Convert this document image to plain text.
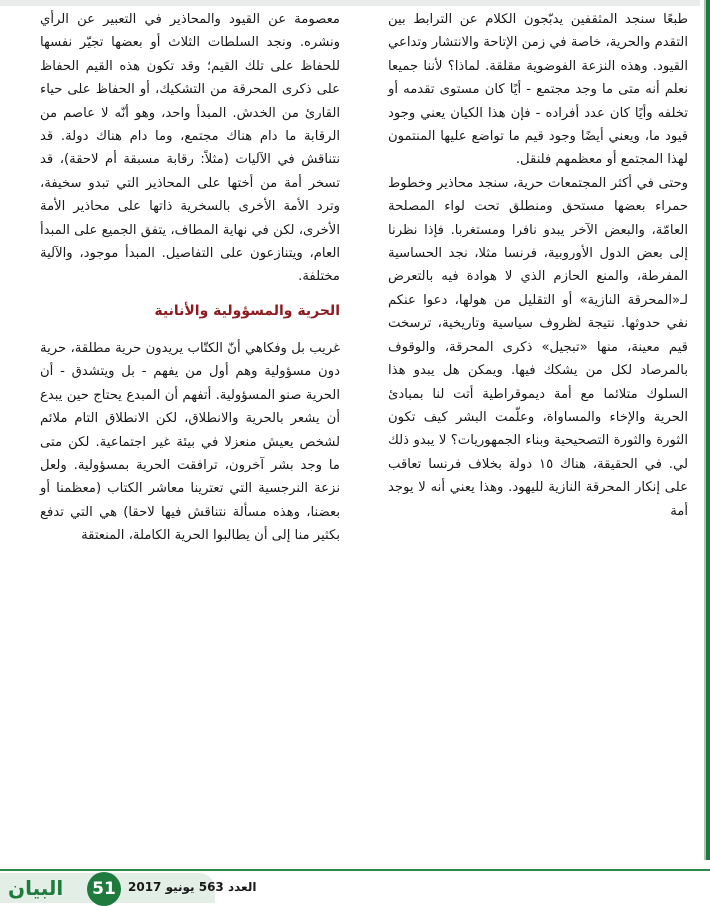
طبعًا سنجد المثقفين يدبّجون الكلام عن الترابط بين التقدم والحرية، خاصة في زمن الإتاحة والانتشار وتداعي القيود. وهذه النزعة الفوضوية مقلقة. لماذا؟ لأننا جميعا نعلم أنه متى ما وجد مجتمع - أيًا كان مستوى تقدمه أو تخلفه وأيًا كان عدد أفراده - فإن هذا الكيان يعني وجود قيود ما، ويعني أيضًا وجود قيم ما تواضع عليها المنتمون لهذا المجتمع أو معظمهم فلنقل.

وحتى في أكثر المجتمعات حرية، سنجد محاذير وخطوط حمراء بعضها مستحق ومنطلق تحت لواء المصلحة العامّة، والبعض الآخر يبدو نافرا ومستغربا. فإذا نظرنا إلى بعض الدول الأوروبية، فرنسا مثلا، نجد الحساسية المفرطة، والمنع الحازم الذي لا هوادة فيه بالتعرض لـ«المحرقة النازية» أو التقليل من هولها، دعوا عنكم نفي حدوثها. نتيجة لظروف سياسية وتاريخية، ترسخت قيم معينة، منها «تبجيل» ذكرى المحرقة، والوقوف بالمرصاد لكل من يشكك فيها. ويمكن هل يبدو هذا السلوك متلائما مع أمة ديموقراطية أتت لنا بمبادئ الحرية والإخاء والمساواة، وعلّمت البشر كيف تكون الثورة والثورة التصحيحية وبناء الجمهوريات؟ لا يبدو ذلك لي. في الحقيقة، هناك ١٥ دولة بخلاف فرنسا تعاقب على إنكار المحرقة النازية لليهود. وهذا يعني أنه لا يوجد أمة

معصومة عن القيود والمحاذير في التعبير عن الرأي ونشره. ونجد السلطات الثلاث أو بعضها تجيّر نفسها للحفاظ على تلك القيم؛ وقد تكون هذه القيم الحفاظ على ذكرى المحرقة من التشكيك، أو الحفاظ على حياء القارئ من الخدش. المبدأ واحد، وهو أنّه لا عاصم من الرقابة ما دام هناك مجتمع، وما دام هناك دولة. قد نتناقش في الآليات (مثلاً: رقابة مسبقة أم لاحقة)، قد تسخر أمة من أختها على المحاذير التي تبدو سخيفة، وترد الأمة الأخرى بالسخرية ذاتها على محاذير الأمة الأخرى، لكن في نهاية المطاف، يتفق الجميع على المبدأ العام، ويتنازعون على التفاصيل. المبدأ موجود، والآلية مختلفة.

الحرية والمسؤولية والأنانية

غريب بل وفكاهي أنّ الكتّاب يريدون حرية مطلقة، حرية دون مسؤولية وهم أول من يفهم - بل ويتشدق - أن الحرية صنو المسؤولية. أتفهم أن المبدع يحتاج حين يبدع أن يشعر بالحرية والانطلاق، لكن الانطلاق التام ملائم لشخص يعيش منعزلا في بيئة غير اجتماعية. لكن متى ما وجد بشر آخرون، ترافقت الحرية بمسؤولية. ولعل نزعة النرجسية التي تعترينا معاشر الكتاب (معظمنا أو بعضنا، وهذه مسألة نتناقش فيها لاحقا) هي التي تدفع بكثير منا إلى أن يطالبوا الحرية الكاملة، المنعتقة

البيان	51	العدد 563 يونيو 2017
